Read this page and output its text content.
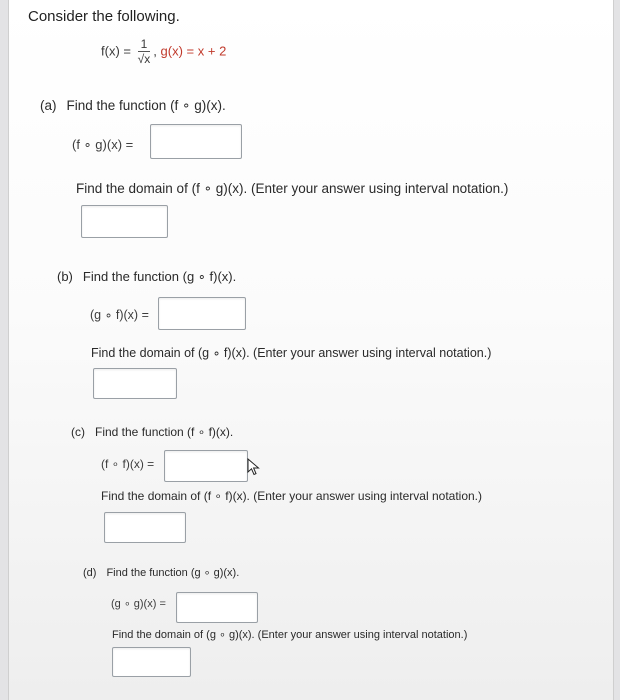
Consider the following.
$f(x) = \frac{1}{√x}$ , g(x) = x + 2
(a) Find the function (f ∘ g)(x).
(f ∘ g)(x) =
Find the domain of (f ∘ g)(x). (Enter your answer using interval notation.)
(b) Find the function (g ∘ f)(x).
(g ∘ f)(x) =
Find the domain of (g ∘ f)(x). (Enter your answer using interval notation.)
(c) Find the function (f ∘ f)(x).
(f ∘ f)(x) =
Find the domain of (f ∘ f)(x). (Enter your answer using interval notation.)
(d) Find the function (g ∘ g)(x).
(g ∘ g)(x) =
Find the domain of (g ∘ g)(x). (Enter your answer using interval notation.)
